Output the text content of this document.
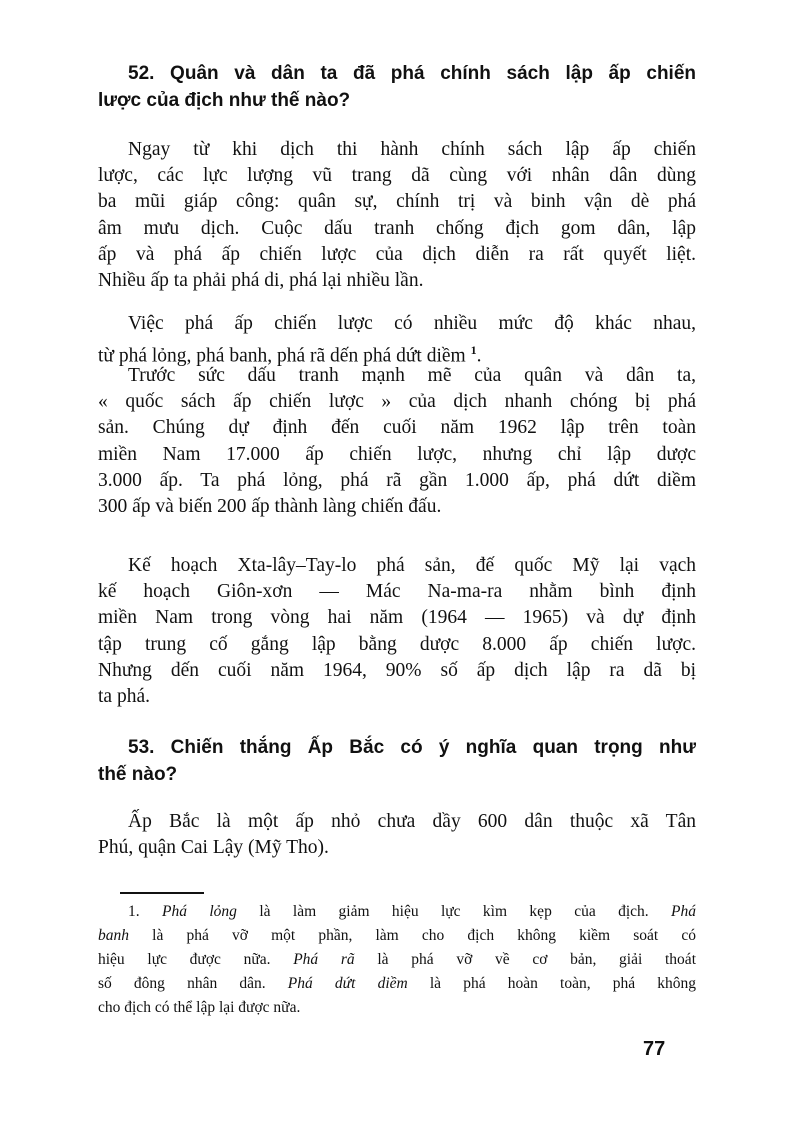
52. Quân và dân ta đã phá chính sách lập ấp chiến
lược của địch như thế nào?
Ngay từ khi dịch thi hành chính sách lập ấp chiến
lược, các lực lượng vũ trang dã cùng với nhân dân dùng
ba mũi giáp công: quân sự, chính trị và binh vận dè phá
âm mưu dịch. Cuộc dấu tranh chống địch gom dân, lập
ấp và phá ấp chiến lược của dịch diễn ra rất quyết liệt.
Nhiều ấp ta phải phá di, phá lại nhiều lần.
Việc phá ấp chiến lược có nhiều mức độ khác nhau,
từ phá lỏng, phá banh, phá rã dến phá dứt diềm $^1$.
Trước sức dấu tranh mạnh mẽ của quân và dân ta,
« quốc sách ấp chiến lược » của dịch nhanh chóng bị phá
sản. Chúng dự định đến cuối năm 1962 lập trên toàn
miền Nam 17.000 ấp chiến lược, nhưng chỉ lập dược
3.000 ấp. Ta phá lỏng, phá rã gần 1.000 ấp, phá dứt diềm
300 ấp và biến 200 ấp thành làng chiến đấu.
Kế hoạch Xta-lây–Tay-lo phá sản, đế quốc Mỹ lại vạch
kế hoạch Giôn-xơn — Mác Na-ma-ra nhằm bình định
miền Nam trong vòng hai năm (1964 — 1965) và dự định
tập trung cố gắng lập bằng dược 8.000 ấp chiến lược.
Nhưng dến cuối năm 1964, 90% số ấp dịch lập ra dã bị
ta phá.
53. Chiến thắng Ấp Bắc có ý nghĩa quan trọng như
thế nào?
Ấp Bắc là một ấp nhỏ chưa dầy 600 dân thuộc xã Tân
Phú, quận Cai Lậy (Mỹ Tho).
1. Phá lỏng là làm giảm hiệu lực kìm kẹp của địch. Phá
banh là phá vỡ một phần, làm cho địch không kiềm soát có
hiệu lực được nữa. Phá rã là phá vỡ về cơ bản, giải thoát
số đông nhân dân. Phá dứt diềm là phá hoàn toàn, phá không
cho địch có thể lập lại được nữa.
77
